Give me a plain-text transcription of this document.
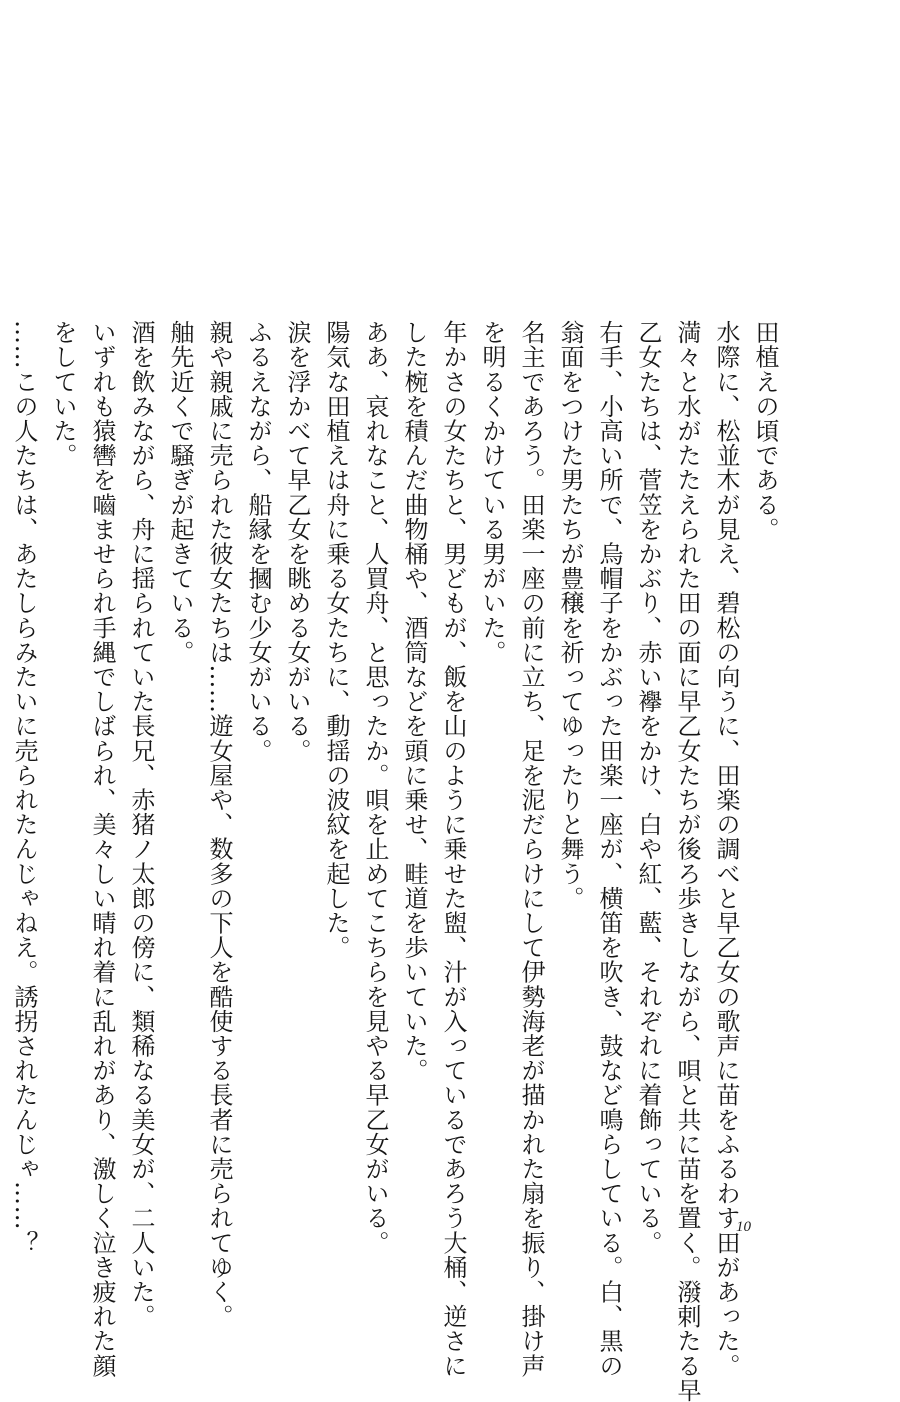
田植えの頃である。
水際に、松並木が見え、碧松の向うに、田楽の調べと早乙女の歌声に苗をふるわす田があった。
満々と水がたたえられた田の面に早乙女たちが後ろ歩きしながら、唄と共に苗を置く。潑剌たる早
乙女たちは、菅笠をかぶり、赤い襷をかけ、白や紅、藍、それぞれに着飾っている。
右手、小高い所で、烏帽子をかぶった田楽一座が、横笛を吹き、鼓など鳴らしている。白、黒の
翁面をつけた男たちが豊穣を祈ってゆったりと舞う。
名主であろう。田楽一座の前に立ち、足を泥だらけにして伊勢海老が描かれた扇を振り、掛け声
を明るくかけている男がいた。
年かさの女たちと、男どもが、飯を山のように乗せた盥、汁が入っているであろう大桶、逆さに
した椀を積んだ曲物桶や、酒筒などを頭に乗せ、畦道を歩いていた。
ああ、哀れなこと、人買舟、と思ったか。唄を止めてこちらを見やる早乙女がいる。
陽気な田植えは舟に乗る女たちに、動揺の波紋を起した。
涙を浮かべて早乙女を眺める女がいる。
ふるえながら、船縁を摑む少女がいる。
親や親戚に売られた彼女たちは……遊女屋や、数多の下人を酷使する長者に売られてゆく。
舳先近くで騒ぎが起きている。
酒を飲みながら、舟に揺られていた長兄、赤猪ノ太郎の傍に、類稀なる美女が、二人いた。
いずれも猿轡を嚙ませられ手縄でしばられ、美々しい晴れ着に乱れがあり、激しく泣き疲れた顔
をしていた。
……この人たちは、あたしらみたいに売られたんじゃねえ。誘拐されたんじゃ……？	10
